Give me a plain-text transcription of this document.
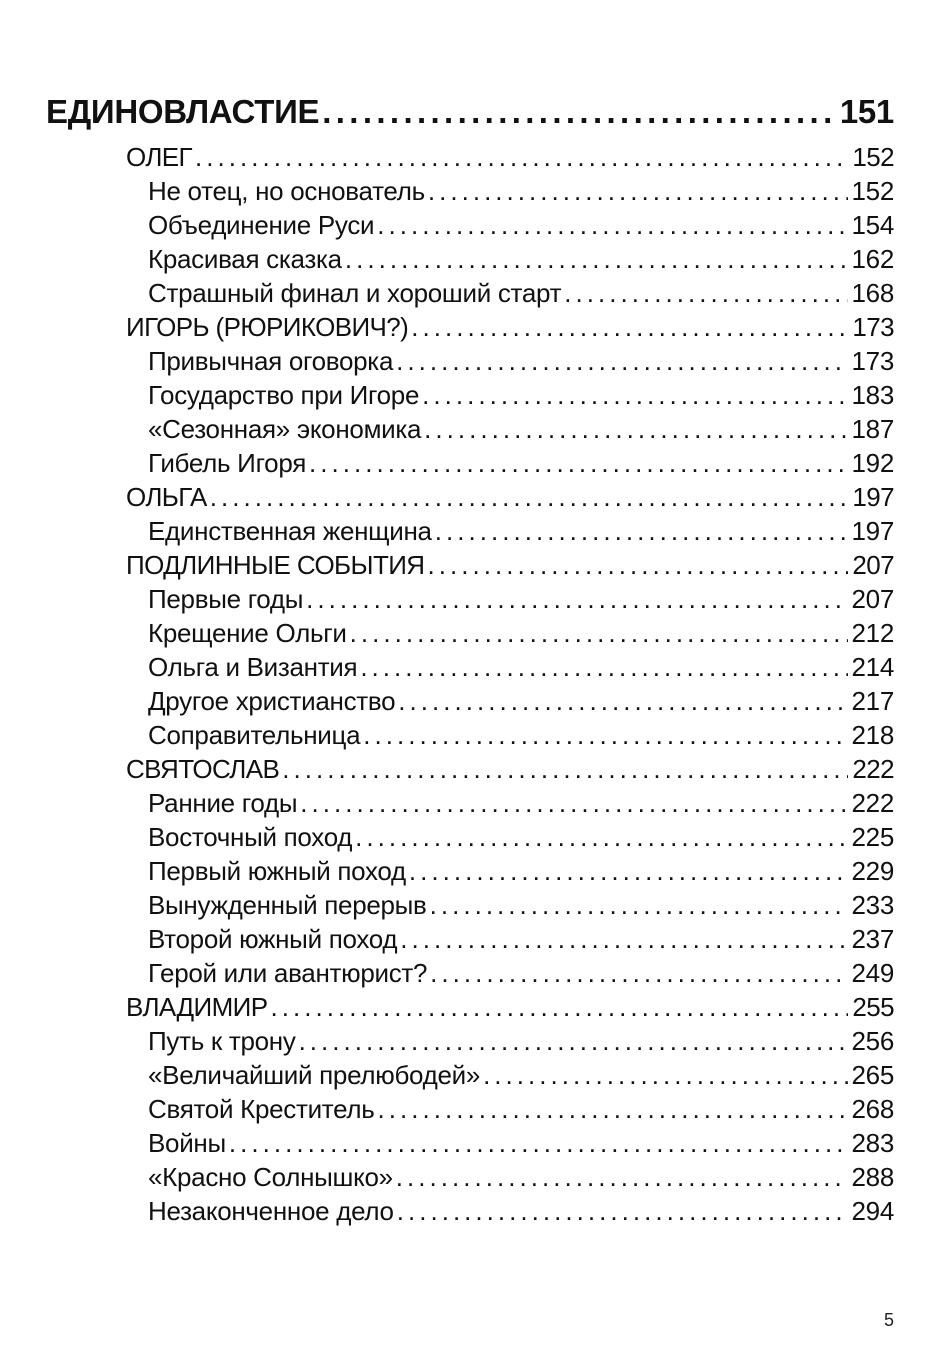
ЕДИНОВЛАСТИЕ . . .	151
ОЛЕГ . . .	152
Не отец, но основатель . . .	152
Объединение Руси . . .	154
Красивая сказка . . .	162
Страшный финал и хороший старт . . .	168
ИГОРЬ (РЮРИКОВИЧ?) . . .	173
Привычная оговорка . . .	173
Государство при Игоре . . .	183
«Сезонная» экономика . . .	187
Гибель Игоря . . .	192
ОЛЬГА . . .	197
Единственная женщина . . .	197
ПОДЛИННЫЕ СОБЫТИЯ . . .	207
Первые годы . . .	207
Крещение Ольги . . .	212
Ольга и Византия . . .	214
Другое христианство . . .	217
Соправительница . . .	218
СВЯТОСЛАВ . . .	222
Ранние годы . . .	222
Восточный поход . . .	225
Первый южный поход . . .	229
Вынужденный перерыв . . .	233
Второй южный поход . . .	237
Герой или авантюрист? . . .	249
ВЛАДИМИР . . .	255
Путь к трону . . .	256
«Величайший прелюбодей» . . .	265
Святой Креститель . . .	268
Войны . . .	283
«Красно Солнышко» . . .	288
Незаконченное дело . . .	294
5
